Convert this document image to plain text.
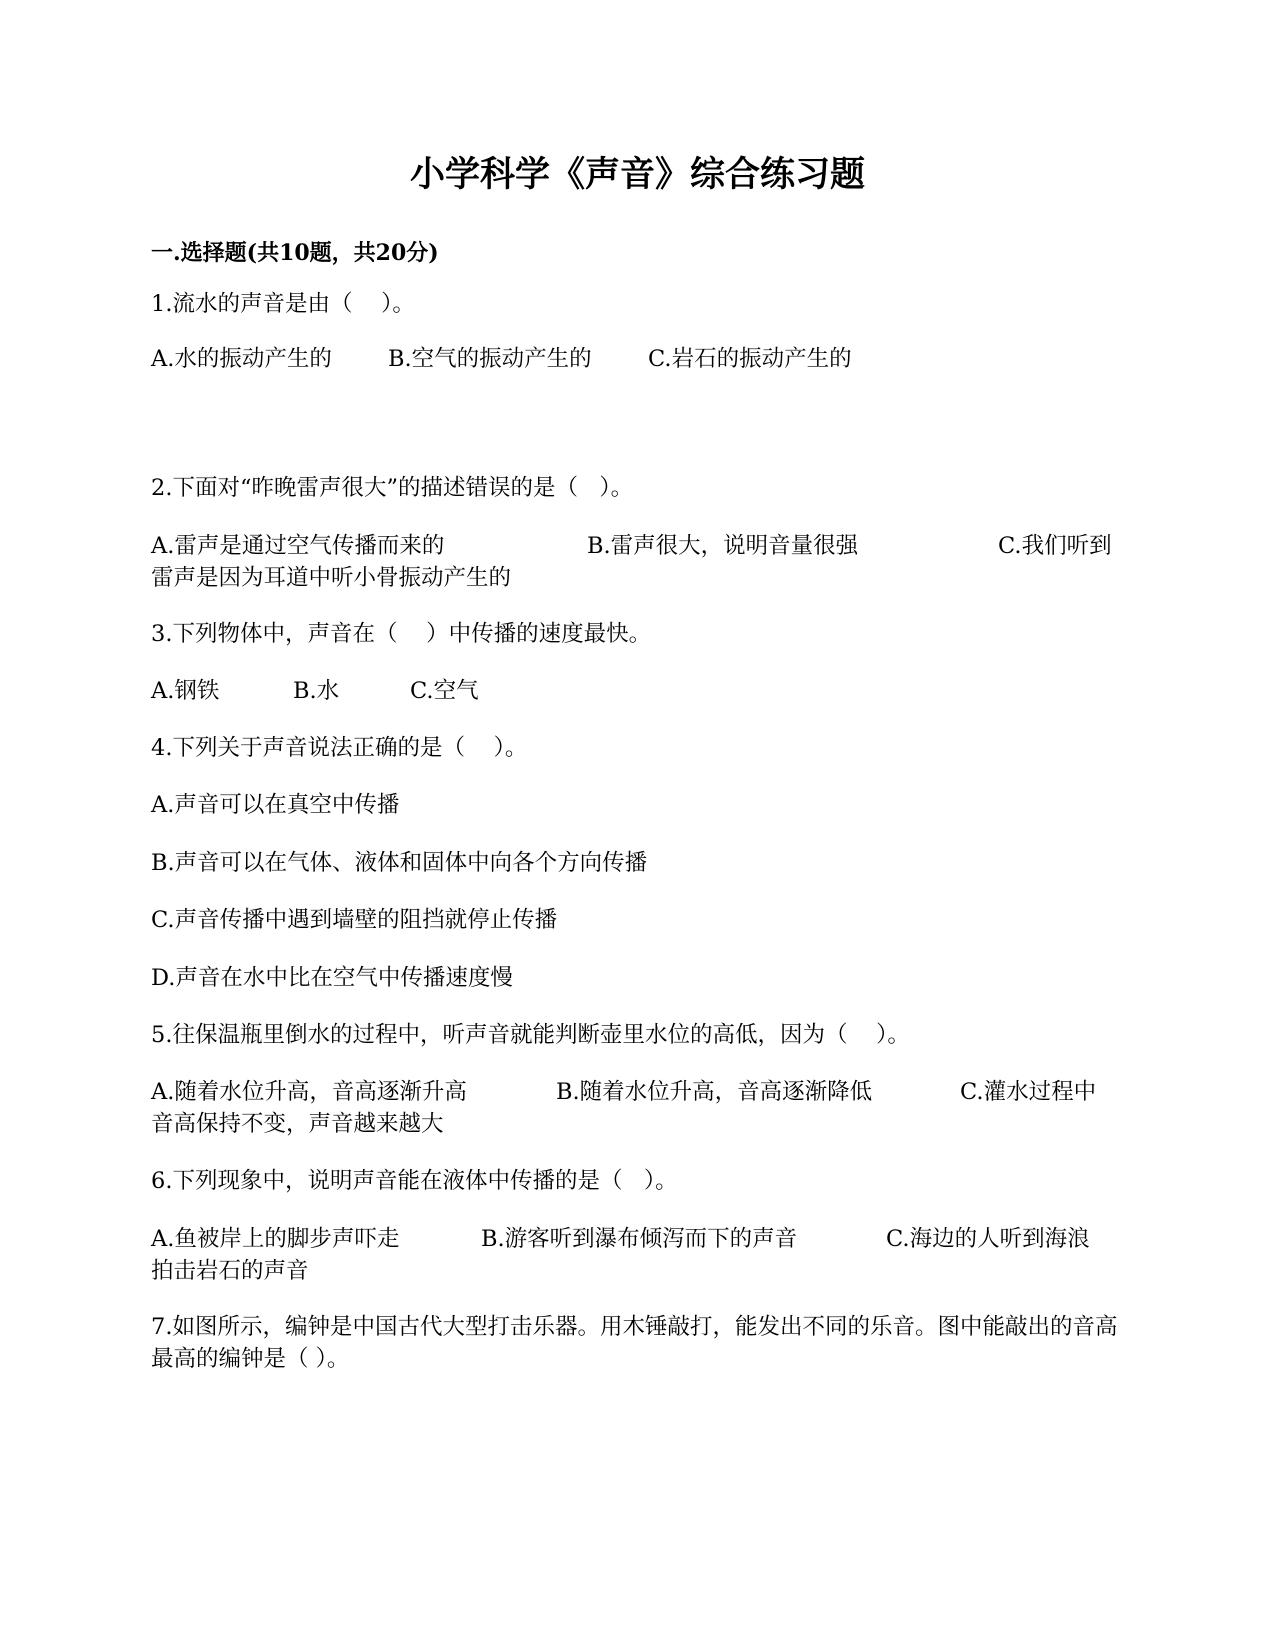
小学科学《声音》综合练习题
一.选择题(共10题，共20分)
1.流水的声音是由（    ）。
A.水的振动产生的 B.空气的振动产生的	C.岩石的振动产生的
2.下面对“昨晚雷声很大”的描述错误的是（   ）。
A.雷声是通过空气传播而来的	B.雷声很大，说明音量很强	C.我们听到
雷声是因为耳道中听小骨振动产生的
3.下列物体中，声音在（    ）中传播的速度最快。
A.钢铁	B.水	C.空气
4.下列关于声音说法正确的是（    ）。
A.声音可以在真空中传播
B.声音可以在气体、液体和固体中向各个方向传播
C.声音传播中遇到墙壁的阻挡就停止传播
D.声音在水中比在空气中传播速度慢
5.往保温瓶里倒水的过程中，听声音就能判断壶里水位的高低，因为（    ）。
A.随着水位升高，音高逐渐升高	B.随着水位升高，音高逐渐降低	C.灌水过程中
音高保持不变，声音越来越大
6.下列现象中，说明声音能在液体中传播的是（   ）。
A.鱼被岸上的脚步声吓走	B.游客听到瀑布倾泻而下的声音	C.海边的人听到海浪
拍击岩石的声音
7.如图所示，编钟是中国古代大型打击乐器。用木锤敲打，能发出不同的乐音。图中能敲出的音高最高的编钟是（ ）。
